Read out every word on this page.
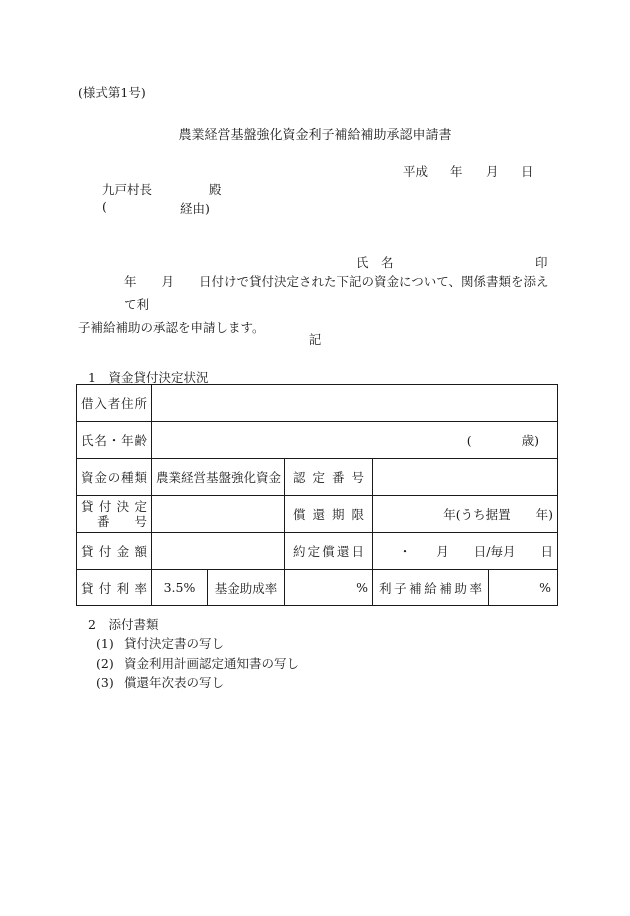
(様式第1号)
農業経営基盤強化資金利子補給補助承認申請書
平成 年 月 日
九戸村長	殿
(	経由)
氏　名	印
年　　月　　日付けで貸付決定された下記の資金について、関係書類を添えて利
子補給補助の承認を申請します。
記
1　資金貸付決定状況
借入者住所					
氏名・年齢	(　　　　歳)				
資金の種類	農業経営基盤強化資金		認定番号		

貸付決定
番　　号			償還期限	年(うち据置　　年)	
貸付金額			約定償還日	・　　月　　日/毎月　　日	
貸付利率	3.5%	基金助成率	%	利子補給補助率	%
2　添付書類
(1) 貸付決定書の写し
(2) 資金利用計画認定通知書の写し
(3) 償還年次表の写し
